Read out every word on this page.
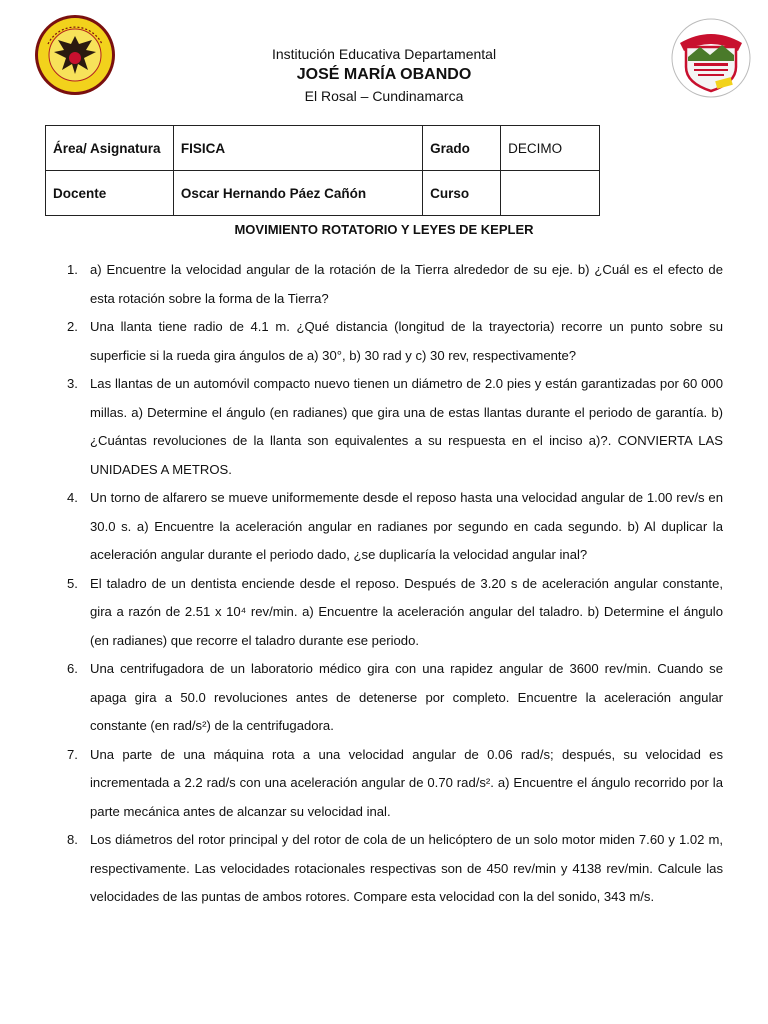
Institución Educativa Departamental
JOSÉ MARÍA OBANDO
El Rosal – Cundinamarca
Área/ Asignatura	FISICA	Grado	DECIMO
Docente	Oscar Hernando Páez Cañón	Curso	
MOVIMIENTO ROTATORIO Y LEYES DE KEPLER
1. a) Encuentre la velocidad angular de la rotación de la Tierra alrededor de su eje. b) ¿Cuál es el efecto de esta rotación sobre la forma de la Tierra?
2. Una llanta tiene radio de 4.1 m. ¿Qué distancia (longitud de la trayectoria) recorre un punto sobre su superficie si la rueda gira ángulos de a) 30°, b) 30 rad y c) 30 rev, respectivamente?
3. Las llantas de un automóvil compacto nuevo tienen un diámetro de 2.0 pies y están garantizadas por 60 000 millas. a) Determine el ángulo (en radianes) que gira una de estas llantas durante el periodo de garantía. b) ¿Cuántas revoluciones de la llanta son equivalentes a su respuesta en el inciso a)?. CONVIERTA LAS UNIDADES A METROS.
4. Un torno de alfarero se mueve uniformemente desde el reposo hasta una velocidad angular de 1.00 rev/s en 30.0 s. a) Encuentre la aceleración angular en radianes por segundo en cada segundo. b) Al duplicar la aceleración angular durante el periodo dado, ¿se duplicaría la velocidad angular inal?
5. El taladro de un dentista enciende desde el reposo. Después de 3.20 s de aceleración angular constante, gira a razón de 2.51 x 10⁴ rev/min. a) Encuentre la aceleración angular del taladro. b) Determine el ángulo (en radianes) que recorre el taladro durante ese periodo.
6. Una centrifugadora de un laboratorio médico gira con una rapidez angular de 3600 rev/min. Cuando se apaga gira a 50.0 revoluciones antes de detenerse por completo. Encuentre la aceleración angular constante (en rad/s²) de la centrifugadora.
7. Una parte de una máquina rota a una velocidad angular de 0.06 rad/s; después, su velocidad es incrementada a 2.2 rad/s con una aceleración angular de 0.70 rad/s². a) Encuentre el ángulo recorrido por la parte mecánica antes de alcanzar su velocidad inal.
8. Los diámetros del rotor principal y del rotor de cola de un helicóptero de un solo motor miden 7.60 y 1.02 m, respectivamente. Las velocidades rotacionales respectivas son de 450 rev/min y 4138 rev/min. Calcule las velocidades de las puntas de ambos rotores. Compare esta velocidad con la del sonido, 343 m/s.
